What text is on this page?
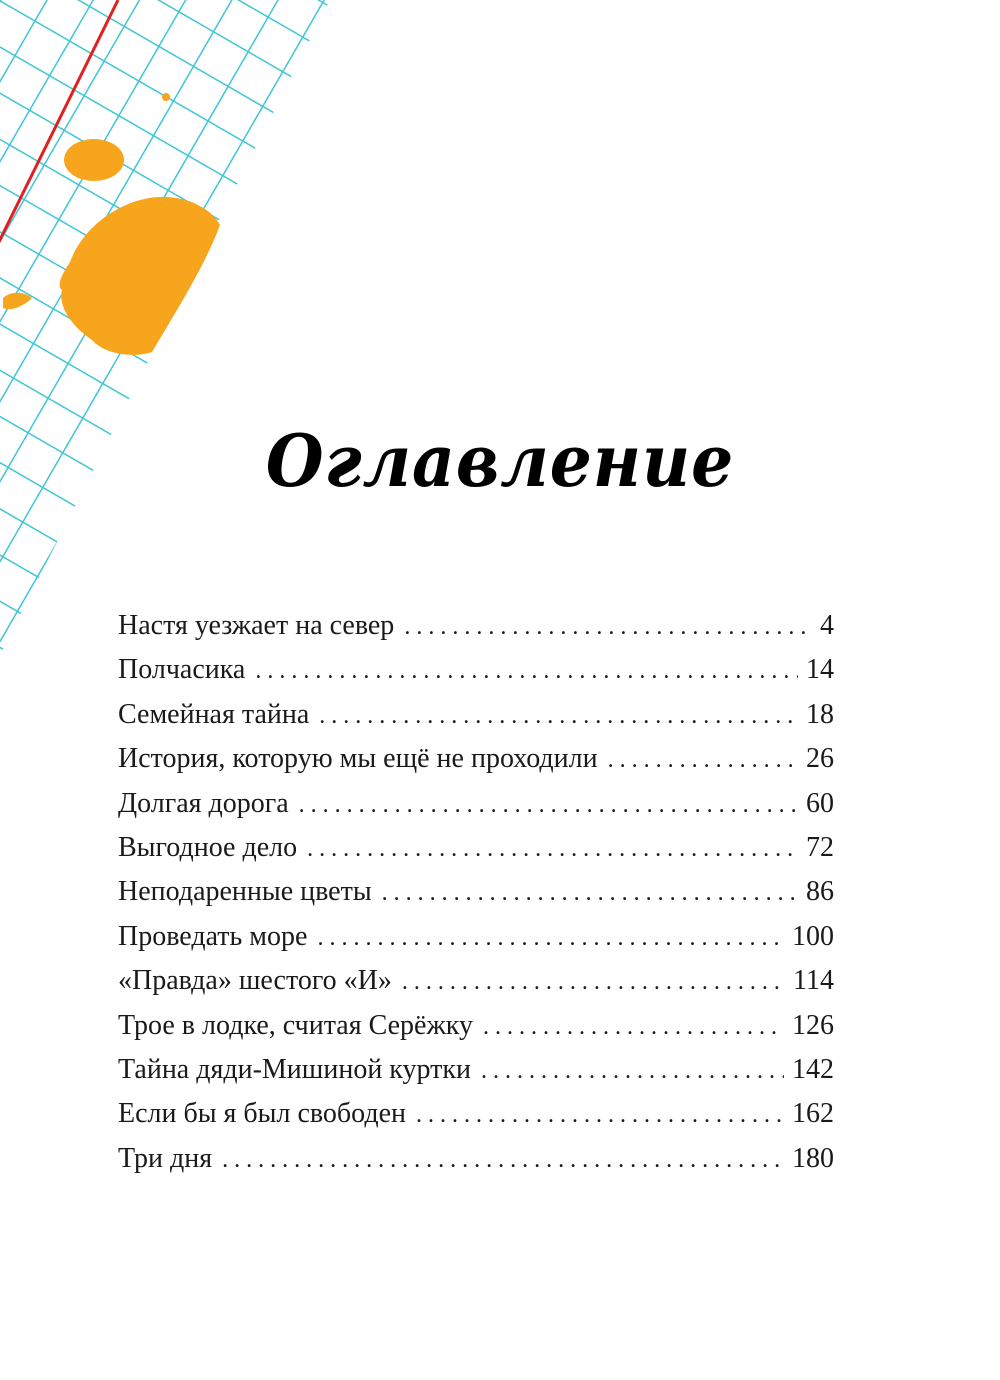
Оглавление
Настя уезжает на север . . .	4
Полчасика . . .	14
Семейная тайна . . .	18
История, которую мы ещё не проходили . . .	26
Долгая дорога . . .	60
Выгодное дело . . .	72
Неподаренные цветы . . .	86
Проведать море . . .	100
«Правда» шестого «И» . . .	114
Трое в лодке, считая Серёжку . . .	126
Тайна дяди-Мишиной куртки . . .	142
Если бы я был свободен . . .	162
Три дня . . .	180
